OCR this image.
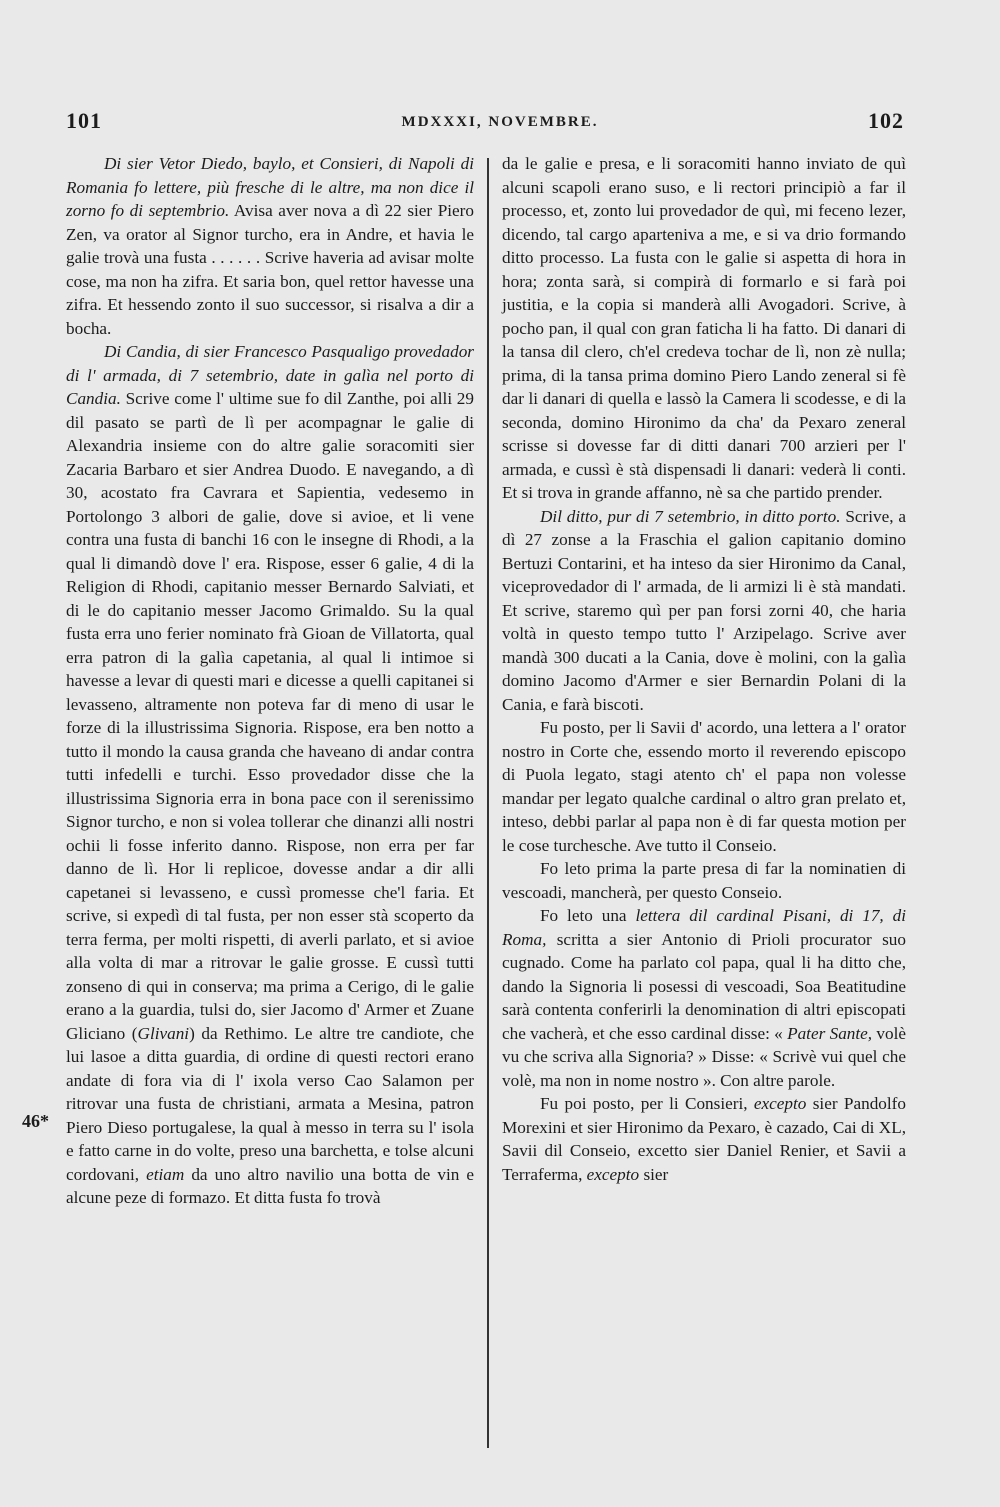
101	MDXXXI, NOVEMBRE.	102
46*

Di sier Vetor Diedo, baylo, et Consieri, di Napoli di Romania fo lettere, più fresche di le altre, ma non dice il zorno fo di septembrio. Avisa aver nova a dì 22 sier Piero Zen, va orator al Signor turcho, era in Andre, et havia le galie trovà una fusta . . . . . . Scrive haveria ad avisar molte cose, ma non ha zifra. Et saria bon, quel rettor havesse una zifra. Et hessendo zonto il suo successor, si risalva a dir a bocha.

Di Candia, di sier Francesco Pasqualigo provedador di l' armada, di 7 setembrio, date in galìa nel porto di Candia. Scrive come l' ultime sue fo dil Zanthe, poi alli 29 dil pasato se partì de lì per acompagnar le galie di Alexandria insieme con do altre galie soracomiti sier Zacaria Barbaro et sier Andrea Duodo. E navegando, a dì 30, acostato fra Cavrara et Sapientia, vedesemo in Portolongo 3 albori de galie, dove si avioe, et li vene contra una fusta di banchi 16 con le insegne di Rhodi, a la qual li dimandò dove l' era. Rispose, esser 6 galie, 4 di la Religion di Rhodi, capitanio messer Bernardo Salviati, et di le do capitanio messer Jacomo Grimaldo. Su la qual fusta erra uno ferier nominato frà Gioan de Villatorta, qual erra patron di la galìa capetania, al qual li intimoe si havesse a levar di questi mari e dicesse a quelli capitanei si levasseno, altramente non poteva far di meno di usar le forze di la illustrissima Signoria. Rispose, era ben notto a tutto il mondo la causa granda che haveano di andar contra tutti infedelli e turchi. Esso provedador disse che la illustrissima Signoria erra in bona pace con il serenissimo Signor turcho, e non si volea tollerar che dinanzi alli nostri ochii li fosse inferito danno. Rispose, non erra per far danno de lì. Hor li replicoe, dovesse andar a dir alli capetanei si levasseno, e cussì promesse che'l faria. Et scrive, si expedì di tal fusta, per non esser stà scoperto da terra ferma, per molti rispetti, di averli parlato, et si avioe alla volta di mar a ritrovar le galie grosse. E cussì tutti zonseno di qui in conserva; ma prima a Cerigo, di le galie erano a la guardia, tulsi do, sier Jacomo d' Armer et Zuane Gliciano (Glivani) da Rethimo. Le altre tre candiote, che lui lasoe a ditta guardia, di ordine di questi rectori erano andate di fora via di l' ixola verso Cao Salamon per ritrovar una fusta de christiani, armata a Mesina, patron Piero Dieso portugalese, la qual à messo in terra su l' isola e fatto carne in do volte, preso una barchetta, e tolse alcuni cordovani, etiam da uno altro navilio una botta de vin e alcune peze di formazo. Et ditta fusta fo trovà

da le galie e presa, e li soracomiti hanno inviato de quì alcuni scapoli erano suso, e li rectori principiò a far il processo, et, zonto lui provedador de quì, mi feceno lezer, dicendo, tal cargo aparteniva a me, e si va drio formando ditto processo. La fusta con le galie si aspetta di hora in hora; zonta sarà, si compirà di formarlo e si farà poi justitia, e la copia si manderà alli Avogadori. Scrive, à pocho pan, il qual con gran faticha li ha fatto. Di danari di la tansa dil clero, ch'el credeva tochar de lì, non zè nulla; prima, di la tansa prima domino Piero Lando zeneral si fè dar li danari di quella e lassò la Camera li scodesse, e di la seconda, domino Hironimo da cha' da Pexaro zeneral scrisse si dovesse far di ditti danari 700 arzieri per l' armada, e cussì è stà dispensadi li danari: vederà li conti. Et si trova in grande affanno, nè sa che partido prender.

Dil ditto, pur di 7 setembrio, in ditto porto. Scrive, a dì 27 zonse a la Fraschia el galion capitanio domino Bertuzi Contarini, et ha inteso da sier Hironimo da Canal, viceprovedador di l' armada, de li armizi li è stà mandati. Et scrive, staremo quì per pan forsi zorni 40, che haria voltà in questo tempo tutto l' Arzipelago. Scrive aver mandà 300 ducati a la Cania, dove è molini, con la galìa domino Jacomo d'Armer e sier Bernardin Polani di la Cania, e farà biscoti.

Fu posto, per li Savii d' acordo, una lettera a l' orator nostro in Corte che, essendo morto il reverendo episcopo di Puola legato, stagi atento ch' el papa non volesse mandar per legato qualche cardinal o altro gran prelato et, inteso, debbi parlar al papa non è di far questa motion per le cose turchesche. Ave tutto il Conseio.

Fo leto prima la parte presa di far la nominatien di vescoadi, mancherà, per questo Conseio.

Fo leto una lettera dil cardinal Pisani, di 17, di Roma, scritta a sier Antonio di Prioli procurator suo cugnado. Come ha parlato col papa, qual li ha ditto che, dando la Signoria li posessi di vescoadi, Soa Beatitudine sarà contenta conferirli la denomination di altri episcopati che vacherà, et che esso cardinal disse: « Pater Sante, volè vu che scriva alla Signoria? » Disse: « Scrivè vui quel che volè, ma non in nome nostro ». Con altre parole.

Fu poi posto, per li Consieri, excepto sier Pandolfo Morexini et sier Hironimo da Pexaro, è cazado, Cai di XL, Savii dil Conseio, excetto sier Daniel Renier, et Savii a Terraferma, excepto sier
